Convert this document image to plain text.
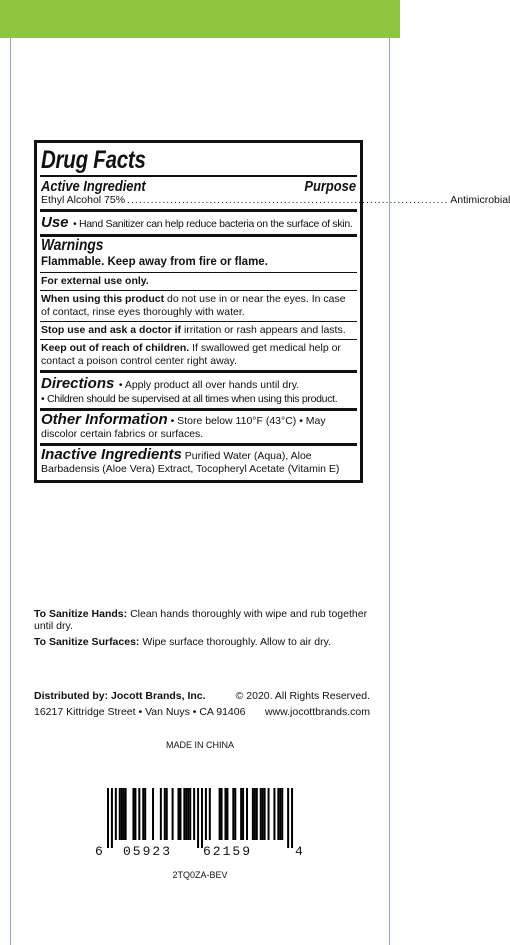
Drug Facts
Active Ingredient	Purpose
Ethyl Alcohol 75% .................................................................................. Antimicrobial
Use • Hand Sanitizer can help reduce bacteria on the surface of skin.
Warnings
Flammable. Keep away from fire or flame.
For external use only.
When using this product do not use in or near the eyes. In case of contact, rinse eyes thoroughly with water.
Stop use and ask a doctor if irritation or rash appears and lasts.
Keep out of reach of children. If swallowed get medical help or contact a poison control center right away.
Directions • Apply product all over hands until dry.
• Children should be supervised at all times when using this product.
Other Information • Store below 110°F (43°C) • May discolor certain fabrics or surfaces.
Inactive Ingredients Purified Water (Aqua), Aloe Barbadensis (Aloe Vera) Extract, Tocopheryl Acetate (Vitamin E)
To Sanitize Hands: Clean hands thoroughly with wipe and rub together until dry.
To Sanitize Surfaces: Wipe surface thoroughly. Allow to air dry.
Distributed by: Jocott Brands, Inc.
16217 Kittridge Street • Van Nuys • CA 91406
© 2020. All Rights Reserved.
www.jocottbrands.com
MADE IN CHINA
6 05923 62159	4
2TQ0ZA-BEV
